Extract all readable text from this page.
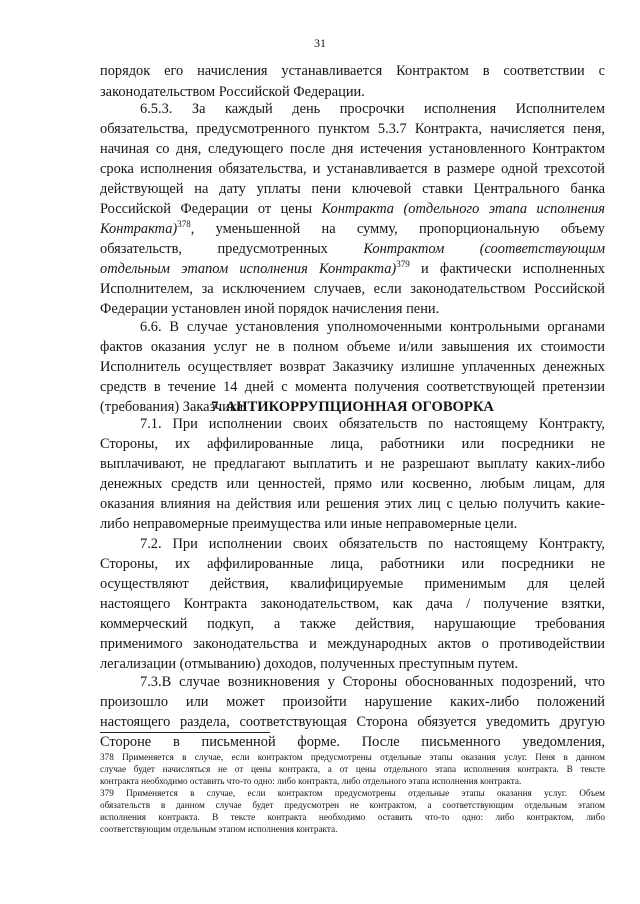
31
порядок его начисления устанавливается Контрактом в соответствии с
законодательством Российской Федерации.
6.5.3. За каждый день просрочки исполнения Исполнителем
обязательства, предусмотренного пунктом 5.3.7 Контракта, начисляется пеня,
начиная со дня, следующего после дня истечения установленного Контрактом
срока исполнения обязательства, и устанавливается в размере одной трехсотой
действующей на дату уплаты пени ключевой ставки Центрального банка
Российской Федерации от цены Контракта (отдельного этапа исполнения
Контракта)$^{378}$, уменьшенной на сумму, пропорциональную объему
обязательств, предусмотренных Контрактом (соответствующим
отдельным этапом исполнения Контракта)$^{379}$ и фактически исполненных
Исполнителем, за исключением случаев, если законодательством Российской
Федерации установлен иной порядок начисления пени.
6.6. В случае установления уполномоченными контрольными органами
фактов оказания услуг не в полном объеме и/или завышения их стоимости
Исполнитель осуществляет возврат Заказчику излишне уплаченных денежных
средств в течение 14 дней с момента получения соответствующей претензии
(требования) Заказчика.
7. АНТИКОРРУПЦИОННАЯ ОГОВОРКА
7.1. При исполнении своих обязательств по настоящему Контракту,
Стороны, их аффилированные лица, работники или посредники не
выплачивают, не предлагают выплатить и не разрешают выплату каких-либо
денежных средств или ценностей, прямо или косвенно, любым лицам, для
оказания влияния на действия или решения этих лиц с целью получить какие-
либо неправомерные преимущества или иные неправомерные цели.
7.2. При исполнении своих обязательств по настоящему Контракту,
Стороны, их аффилированные лица, работники или посредники не
осуществляют действия, квалифицируемые применимым для целей
настоящего Контракта законодательством, как дача / получение взятки,
коммерческий подкуп, а также действия, нарушающие требования
применимого законодательства и международных актов о противодействии
легализации (отмыванию) доходов, полученных преступным путем.
7.3.В случае возникновения у Стороны обоснованных подозрений, что
произошло или может произойти нарушение каких-либо положений
настоящего раздела, соответствующая Сторона обязуется уведомить другую
Стороне в письменной форме. После письменного уведомления,
378 Применяется в случае, если контрактом предусмотрены отдельные этапы оказания услуг. Пеня в данном
случае будет начисляться не от цены контракта, а от цены отдельного этапа исполнения контракта. В тексте
контракта необходимо оставить что-то одно: либо контракта, либо отдельного этапа исполнения контракта.
379 Применяется в случае, если контрактом предусмотрены отдельные этапы оказания услуг. Объем
обязательств в данном случае будет предусмотрен не контрактом, а соответствующим отдельным этапом
исполнения контракта. В тексте контракта необходимо оставить что-то одно: либо контрактом, либо
соответствующим отдельным этапом исполнения контракта.
